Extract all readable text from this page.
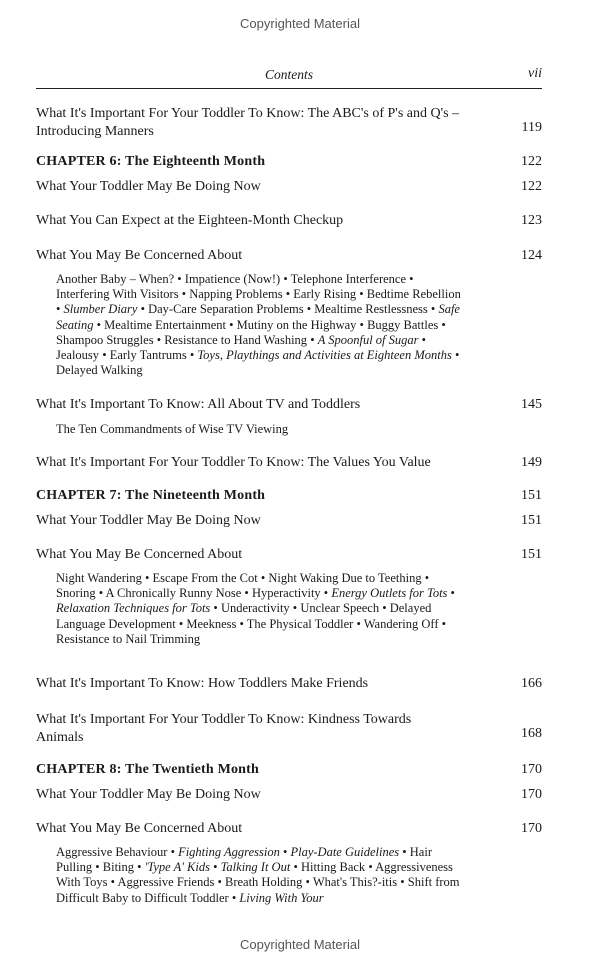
Copyrighted Material
Contents	vii
What It's Important For Your Toddler To Know: The ABC's of P's and Q's – Introducing Manners	119
CHAPTER 6: The Eighteenth Month	122
What Your Toddler May Be Doing Now	122
What You Can Expect at the Eighteen-Month Checkup	123
What You May Be Concerned About	124
Another Baby – When? • Impatience (Now!) • Telephone Interference • Interfering With Visitors • Napping Problems • Early Rising • Bedtime Rebellion • Slumber Diary • Day-Care Separation Problems • Mealtime Restlessness • Safe Seating • Mealtime Entertainment • Mutiny on the Highway • Buggy Battles • Shampoo Struggles • Resistance to Hand Washing • A Spoonful of Sugar • Jealousy • Early Tantrums • Toys, Playthings and Activities at Eighteen Months • Delayed Walking
What It's Important To Know: All About TV and Toddlers	145
The Ten Commandments of Wise TV Viewing
What It's Important For Your Toddler To Know: The Values You Value	149
CHAPTER 7: The Nineteenth Month	151
What Your Toddler May Be Doing Now	151
What You May Be Concerned About	151
Night Wandering • Escape From the Cot • Night Waking Due to Teething • Snoring • A Chronically Runny Nose • Hyperactivity • Energy Outlets for Tots • Relaxation Techniques for Tots • Underactivity • Unclear Speech • Delayed Language Development • Meekness • The Physical Toddler • Wandering Off • Resistance to Nail Trimming
What It's Important To Know: How Toddlers Make Friends	166
What It's Important For Your Toddler To Know: Kindness Towards Animals	168
CHAPTER 8: The Twentieth Month	170
What Your Toddler May Be Doing Now	170
What You May Be Concerned About	170
Aggressive Behaviour • Fighting Aggression • Play-Date Guidelines • Hair Pulling • Biting • 'Type A' Kids • Talking It Out • Hitting Back • Aggressiveness With Toys • Aggressive Friends • Breath Holding • What's This?-itis • Shift from Difficult Baby to Difficult Toddler • Living With Your
Copyrighted Material
